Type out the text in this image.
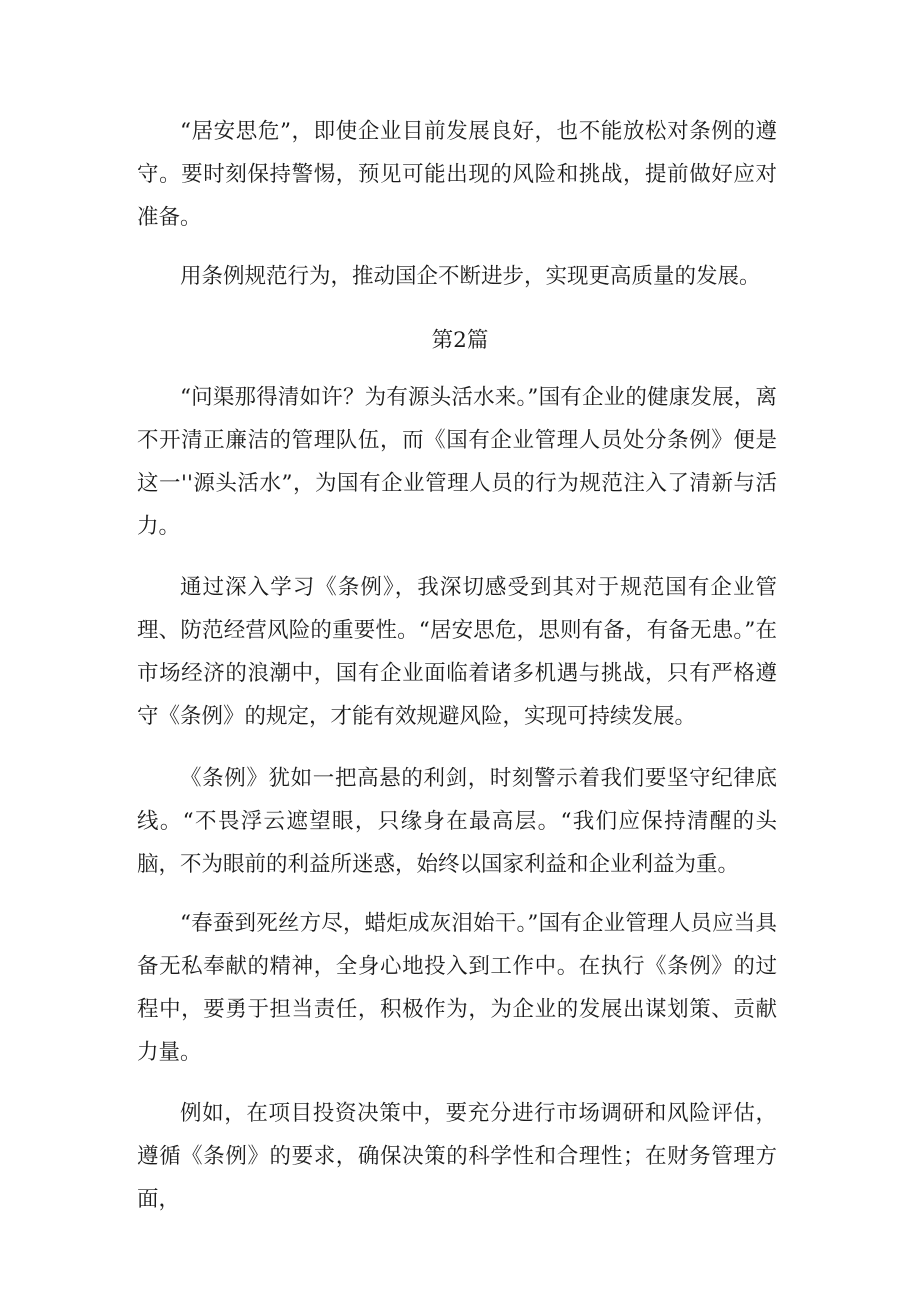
“居安思危”，即使企业目前发展良好，也不能放松对条例的遵守。要时刻保持警惕，预见可能出现的风险和挑战，提前做好应对准备。

用条例规范行为，推动国企不断进步，实现更高质量的发展。

第2篇

“问渠那得清如许？为有源头活水来。”国有企业的健康发展，离不开清正廉洁的管理队伍，而《国有企业管理人员处分条例》便是这一''源头活水”，为国有企业管理人员的行为规范注入了清新与活力。

通过深入学习《条例》，我深切感受到其对于规范国有企业管理、防范经营风险的重要性。“居安思危，思则有备，有备无患。”在市场经济的浪潮中，国有企业面临着诸多机遇与挑战，只有严格遵守《条例》的规定，才能有效规避风险，实现可持续发展。

《条例》犹如一把高悬的利剑，时刻警示着我们要坚守纪律底线。“不畏浮云遮望眼，只缘身在最高层。“我们应保持清醒的头脑，不为眼前的利益所迷惑，始终以国家利益和企业利益为重。

“春蚕到死丝方尽，蜡炬成灰泪始干。”国有企业管理人员应当具备无私奉献的精神，全身心地投入到工作中。在执行《条例》的过程中，要勇于担当责任，积极作为，为企业的发展出谋划策、贡献力量。

例如，在项目投资决策中，要充分进行市场调研和风险评估，遵循《条例》的要求，确保决策的科学性和合理性；在财务管理方面，
